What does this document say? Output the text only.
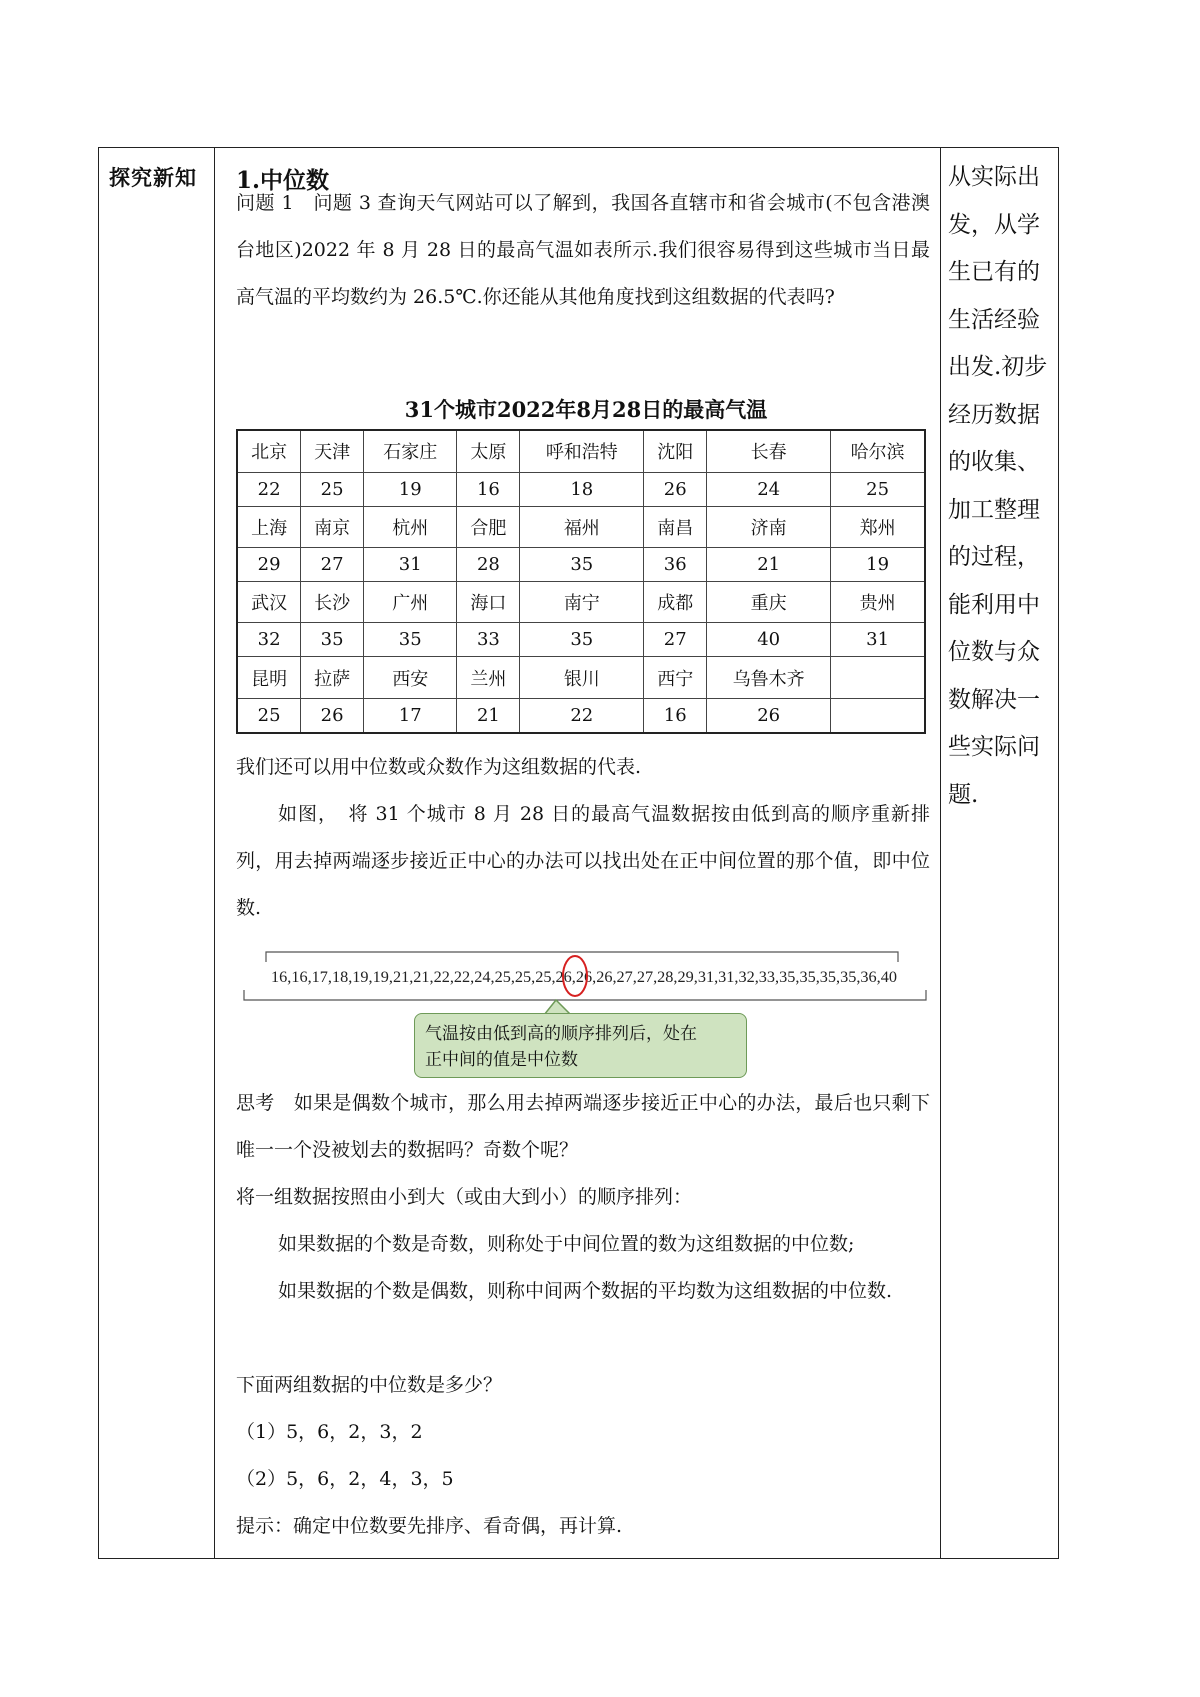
探究新知 1.中位数
问题 1　问题 3 查询天气网站可以了解到，我国各直辖市和省会城市(不包含港澳台地区)2022 年 8 月 28 日的最高气温如表所示.我们很容易得到这些城市当日最高气温的平均数约为 26.5℃.你还能从其他角度找到这组数据的代表吗?
31个城市2022年8月28日的最高气温
北京	天津	石家庄	太原	呼和浩特	沈阳	长春	哈尔滨
22	25	19	16	18	26	24	25
上海	南京	杭州	合肥	福州	南昌	济南	郑州
29	27	31	28	35	36	21	19
武汉	长沙	广州	海口	南宁	成都	重庆	贵州
32	35	35	33	35	27	40	31
昆明	拉萨	西安	兰州	银川	西宁	乌鲁木齐	
25	26	17	21	22	16	26	
我们还可以用中位数或众数作为这组数据的代表.
如图，　将 31 个城市 8 月 28 日的最高气温数据按由低到高的顺序重新排列，用去掉两端逐步接近正中心的办法可以找出处在正中间位置的那个值，即中位数.
16,16,17,18,19,19,21,21,22,22,24,25,25,25,26,26,26,27,27,28,29,31,31,32,33,35,35,35,35,36,40
气温按由低到高的顺序排列后，处在
正中间的值是中位数
思考　如果是偶数个城市，那么用去掉两端逐步接近正中心的办法，最后也只剩下唯一一个没被划去的数据吗？奇数个呢？
将一组数据按照由小到大（或由大到小）的顺序排列：
如果数据的个数是奇数，则称处于中间位置的数为这组数据的中位数;
如果数据的个数是偶数，则称中间两个数据的平均数为这组数据的中位数.
下面两组数据的中位数是多少？
（1）5，6，2，3，2
（2）5，6，2，4，3，5
提示：确定中位数要先排序、看奇偶，再计算.
从实际出发，从学生已有的生活经验出发.初步经历数据的收集、加工整理的过程，能利用中位数与众数解决一些实际问题.
